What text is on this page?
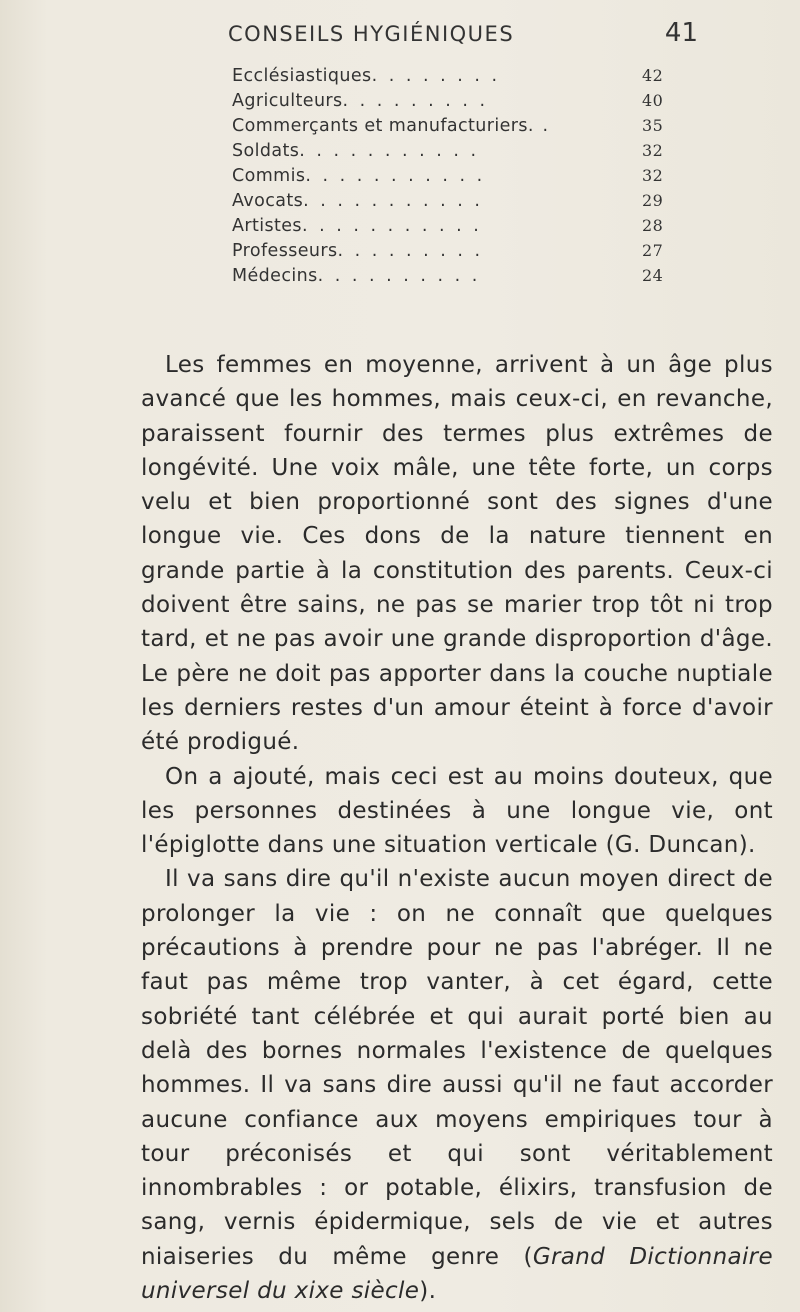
CONSEILS HYGIÉNIQUES	41
Ecclésiastiques. . . . . . . .	42
Agriculteurs. . . . . . . . .	40
Commerçants et manufacturiers. .	35
Soldats. . . . . . . . . . .	32
Commis. . . . . . . . . . .	32
Avocats. . . . . . . . . . .	29
Artistes. . . . . . . . . . .	28
Professeurs. . . . . . . . .	27
Médecins. . . . . . . . . .	24

Les femmes en moyenne, arrivent à un âge plus avancé que les hommes, mais ceux-ci, en revanche, paraissent fournir des termes plus extrêmes de longévité. Une voix mâle, une tête forte, un corps velu et bien proportionné sont des signes d'une longue vie. Ces dons de la nature tiennent en grande partie à la constitution des parents. Ceux-ci doivent être sains, ne pas se marier trop tôt ni trop tard, et ne pas avoir une grande disproportion d'âge. Le père ne doit pas apporter dans la couche nuptiale les derniers restes d'un amour éteint à force d'avoir été prodigué.

On a ajouté, mais ceci est au moins douteux, que les personnes destinées à une longue vie, ont l'épiglotte dans une situation verticale (G. Duncan).

Il va sans dire qu'il n'existe aucun moyen direct de prolonger la vie : on ne connaît que quelques précautions à prendre pour ne pas l'abréger. Il ne faut pas même trop vanter, à cet égard, cette sobriété tant célébrée et qui aurait porté bien au delà des bornes normales l'existence de quelques hommes. Il va sans dire aussi qu'il ne faut accorder aucune confiance aux moyens empiriques tour à tour préconisés et qui sont véritablement innombrables : or potable, élixirs, transfusion de sang, vernis épidermique, sels de vie et autres niaiseries du même genre (Grand Dictionnaire universel du xixe siècle).
